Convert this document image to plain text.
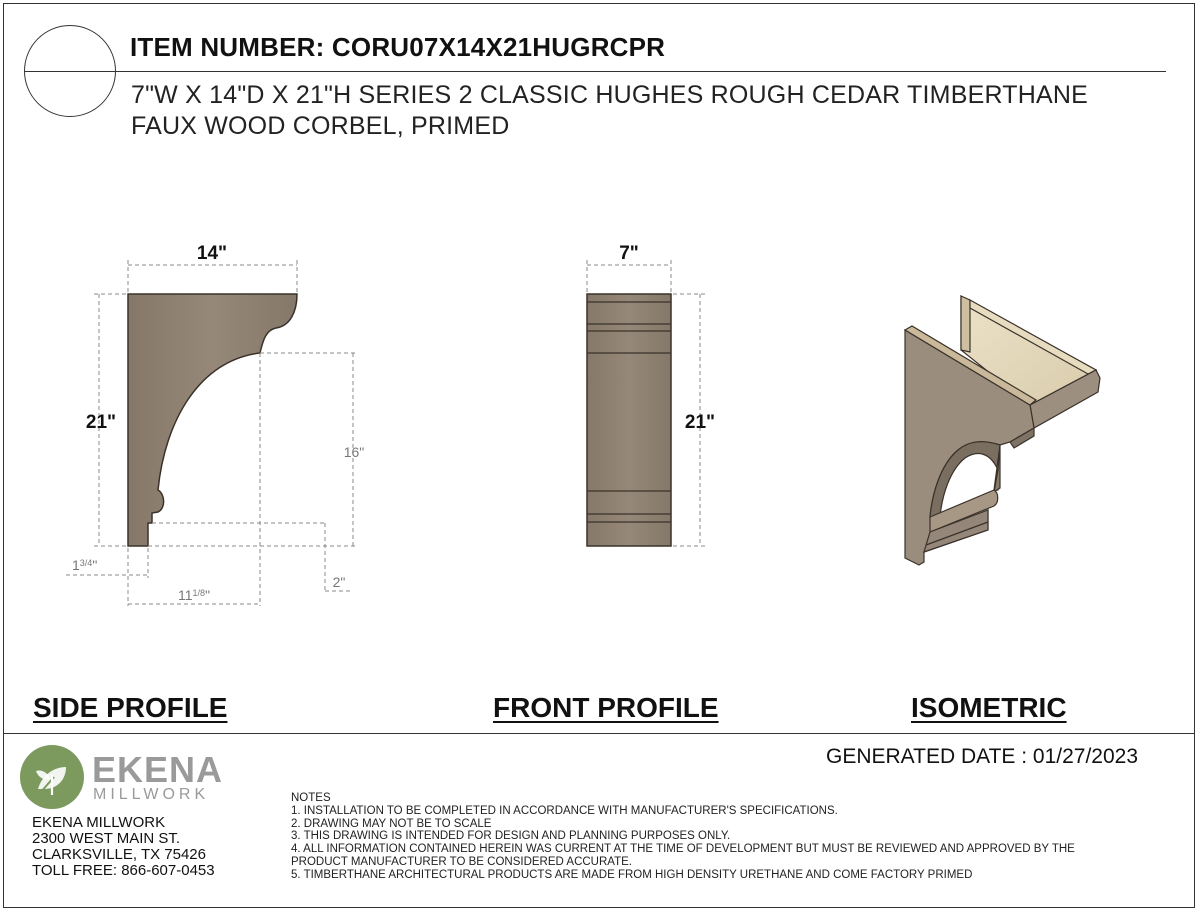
ITEM NUMBER: CORU07X14X21HUGRCPR
7"W X 14"D X 21"H SERIES 2 CLASSIC HUGHES ROUGH CEDAR TIMBERTHANE
FAUX WOOD CORBEL, PRIMED
14"
21"
16"
$1^{3/4}$"
$11^{1/8}$"
2"
7"
21"
SIDE PROFILE	FRONT PROFILE	ISOMETRIC
EKENA
MILLWORK
EKENA MILLWORK
2300 WEST MAIN ST.
CLARKSVILLE, TX 75426
TOLL FREE: 866-607-0453
GENERATED DATE : 01/27/2023
NOTES
1. INSTALLATION TO BE COMPLETED IN ACCORDANCE WITH MANUFACTURER'S SPECIFICATIONS.
2. DRAWING MAY NOT BE TO SCALE
3. THIS DRAWING IS INTENDED FOR DESIGN AND PLANNING PURPOSES ONLY.
4. ALL INFORMATION CONTAINED HEREIN WAS CURRENT AT THE TIME OF DEVELOPMENT BUT MUST BE REVIEWED AND APPROVED BY THE
PRODUCT MANUFACTURER TO BE CONSIDERED ACCURATE.
5. TIMBERTHANE ARCHITECTURAL PRODUCTS ARE MADE FROM HIGH DENSITY URETHANE AND COME FACTORY PRIMED
